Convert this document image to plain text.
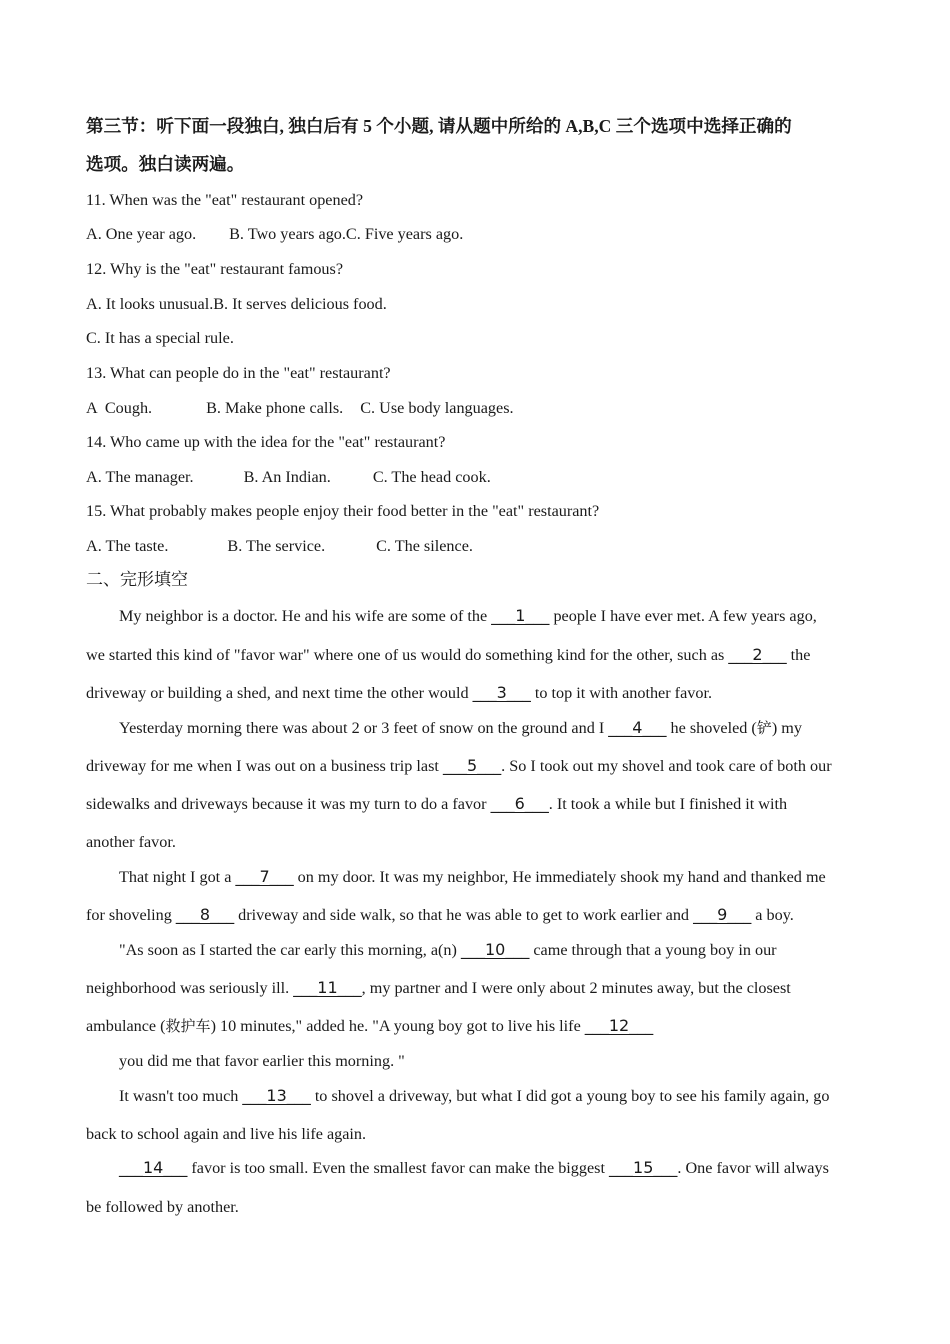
第三节：听下面一段独白, 独白后有 5 个小题, 请从题中所给的 A,B,C 三个选项中选择正确的
选项。独白读两遍。
11. When was the "eat" restaurant opened?
A. One year ago. B. Two years ago.C. Five years ago.
12. Why is the "eat" restaurant famous?
A. It looks unusual.B. It serves delicious food.
C. It has a special rule.
13. What can people do in the "eat" restaurant?
A  Cough.	B. Make phone calls. C. Use body languages.
14. Who came up with the idea for the "eat" restaurant?
A. The manager.	B. An Indian.	C. The head cook.
15. What probably makes people enjoy their food better in the "eat" restaurant?
A. The taste.	B. The service.	C. The silence.
二、完形填空
My neighbor is a doctor. He and his wife are some of the ___1___ people I have ever met. A few years ago,
we started this kind of "favor war" where one of us would do something kind for the other, such as ___2___ the
driveway or building a shed, and next time the other would ___3___ to top it with another favor.
Yesterday morning there was about 2 or 3 feet of snow on the ground and I ___4___ he shoveled (铲) my
driveway for me when I was out on a business trip last ___5___. So I took out my shovel and took care of both our
sidewalks and driveways because it was my turn to do a favor ___6___. It took a while but I finished it with
another favor.
That night I got a ___7___ on my door. It was my neighbor, He immediately shook my hand and thanked me
for shoveling ___8___ driveway and side walk, so that he was able to get to work earlier and ___9___ a boy.
"As soon as I started the car early this morning, a(n) ___10___ came through that a young boy in our
neighborhood was seriously ill. ___11___, my partner and I were only about 2 minutes away, but the closest
ambulance (救护车) 10 minutes," added he. "A young boy got to live his life ___12___
you did me that favor earlier this morning. "
It wasn't too much ___13___ to shovel a driveway, but what I did got a young boy to see his family again, go
back to school again and live his life again.
___14___ favor is too small. Even the smallest favor can make the biggest ___15___. One favor will always
be followed by another.
